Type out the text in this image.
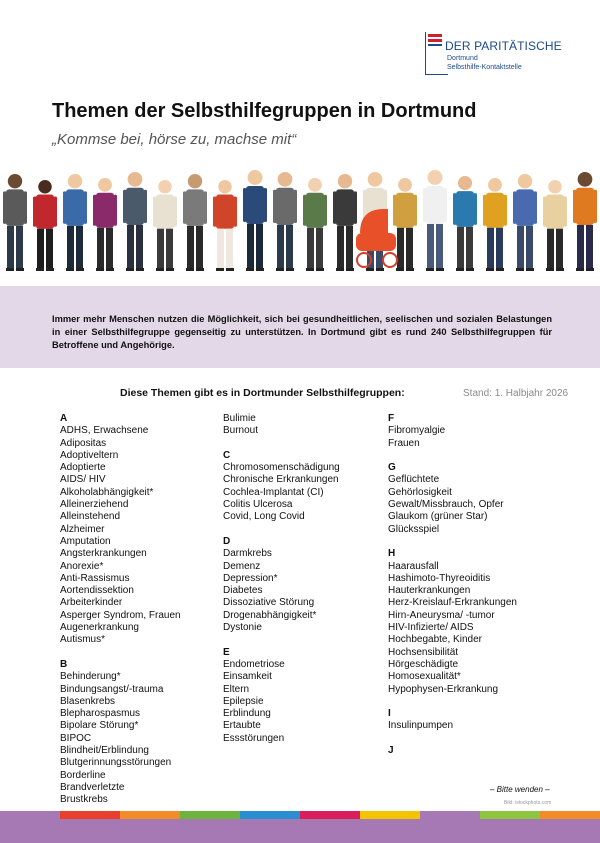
DER PARITÄTISCHE
Dortmund
Selbsthilfe-Kontaktstelle
Themen der Selbsthilfegruppen in Dortmund
„Kommse bei, hörse zu, machse mit“
Immer mehr Menschen nutzen die Möglichkeit, sich bei gesundheitlichen, seelischen und sozialen Belastungen in einer Selbsthilfegruppe gegenseitig zu unterstützen. In Dortmund gibt es rund 240 Selbsthilfegruppen für Betroffene und Angehörige.
Diese Themen gibt es in Dortmunder Selbsthilfegruppen:	Stand: 1. Halbjahr 2026
A
ADHS, Erwachsene
Adipositas
Adoptiveltern
Adoptierte
AIDS/ HIV
Alkoholabhängigkeit*
Alleinerziehend
Alleinstehend
Alzheimer
Amputation
Angsterkrankungen
Anorexie*
Anti-Rassismus
Aortendissektion
Arbeiterkinder
Asperger Syndrom, Frauen
Augenerkrankung
Autismus*
B
Behinderung*
Bindungsangst/-trauma
Blasenkrebs
Blepharospasmus
Bipolare Störung*
BIPOC
Blindheit/Erblindung
Blutgerinnungsstörungen
Borderline
Brandverletzte
Brustkrebs
Bulimie
Burnout
C
Chromosomenschädigung
Chronische Erkrankungen
Cochlea-Implantat (CI)
Colitis Ulcerosa
Covid, Long Covid
D
Darmkrebs
Demenz
Depression*
Diabetes
Dissoziative Störung
Drogenabhängigkeit*
Dystonie
E
Endometriose
Einsamkeit
Eltern
Epilepsie
Erblindung
Ertaubte
Essstörungen
F
Fibromyalgie
Frauen
G
Geflüchtete
Gehörlosigkeit
Gewalt/Missbrauch, Opfer
Glaukom (grüner Star)
Glücksspiel
H
Haarausfall
Hashimoto-Thyreoiditis
Hauterkrankungen
Herz-Kreislauf-Erkrankungen
Hirn-Aneurysma/ -tumor
HIV-Infizierte/ AIDS
Hochbegabte, Kinder
Hochsensibilität
Hörgeschädigte
Homosexualität*
Hypophysen-Erkrankung
I
Insulinpumpen
J
– Bitte wenden –
Bild: istockphoto.com
